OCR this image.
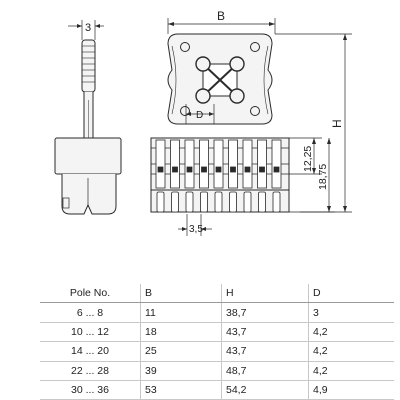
3
B
D
H
12,25
18,75
3,5
Pole No.	B	H	D
6 ... 8	11	38,7	3
10 ... 12	18	43,7	4,2
14 ... 20	25	43,7	4,2
22 ... 28	39	48,7	4,2
30 ... 36	53	54,2	4,9
